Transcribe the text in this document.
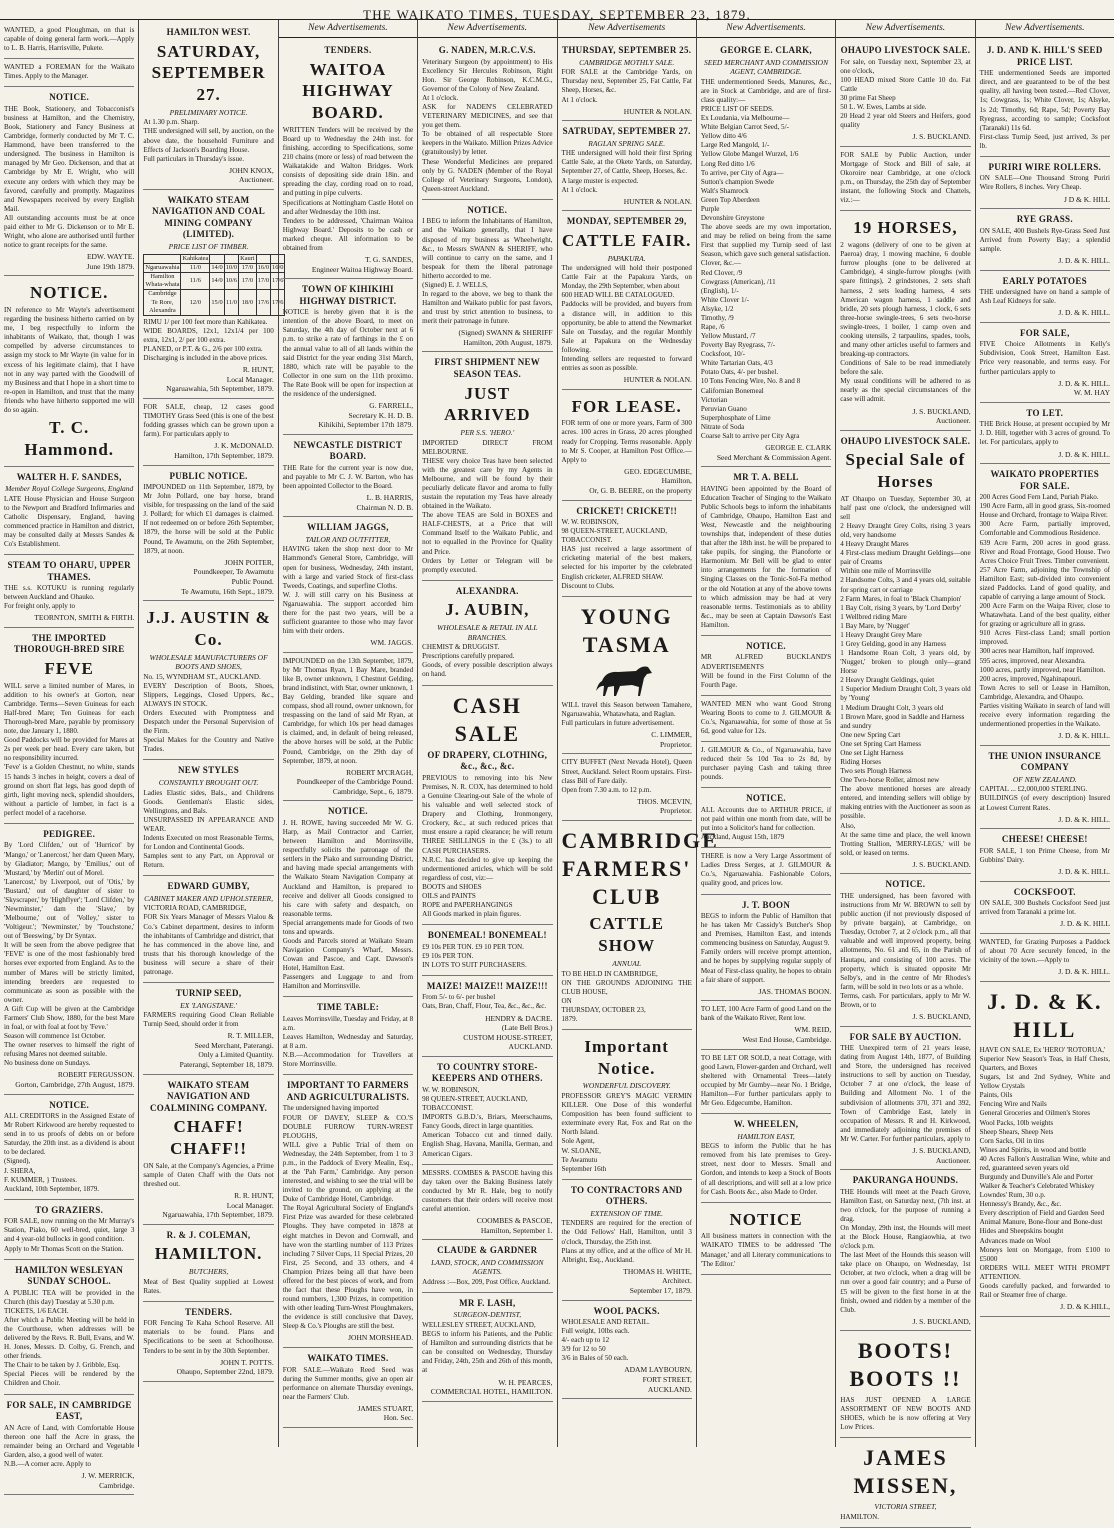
THE WAIKATO TIMES, TUESDAY, SEPTEMBER 23, 1879.

WANTED, a good Ploughman, on that is capable of doing general farm work.—Apply to L. B. Harris, Harrisville, Pukete.

WANTED a FOREMAN for the Waikato Times. Apply to the Manager.

NOTICE.

THE Book, Stationery, and Tobacconist's business at Hamilton, and the Chemistry, Book, Stationery and Fancy Business at Cambridge, formerly conducted by Mr T. C. Hammond, have been transferred to the undersigned. The business in Hamilton is managed by Mr Geo. Dickenson, and that at Cambridge by Mr E. Wright, who will execute any orders with which they may be favored, carefully and promptly. Magazines and Newspapers received by every English Mail.
All outstanding accounts must be at once paid either to Mr G. Dickenson or to Mr E. Wright, who alone are authorised until further notice to grant receipts for the same.

EDW. WAYTE.
June 19th 1879.
NOTICE.

IN reference to Mr Wayte's advertisement regarding the business hitherto carried on by me, I beg respectfully to inform the inhabitants of Waikato, that, though I was compelled by adverse circumstances to assign my stock to Mr Wayte (in value for in excess of his legitimate claim), that I have not in any way parted with the Goodwill of my Business and that I hope in a short time to re-open in Hamilton, and trust that the many friends who have hitherto supported me will do so again.

T. C. Hammond.
WALTER H. F. SANDES,
Member Royal College Surgeons, England

LATE House Physician and House Surgeon to the Newport and Bradford Infirmaries and Catholic Dispensary, England, having commenced practice in Hamilton and district, may be consulted daily at Messrs Sandes & Co's Establishment.

STEAM TO OHARU, UPPER THAMES.

THE s.s. KOTUKU is running regularly between Auckland and Ohauko.
For freight only, apply to

TEORNTON, SMITH & FIRTH.
THE IMPORTED THOROUGH-BRED SIRE
FEVE

WILL serve a limited number of Mares, in addition to his owner's at Gorton, near Cambridge. Terms—Seven Guineas for each Half-bred Mare; Ten Guineas for each Thorough-bred Mare, payable by promissory note, due January 1, 1880.
Good Paddocks will be provided for Mares at 2s per week per head. Every care taken, but no responsibility incurred.
'Feve' is a Golden Chestnut, no white, stands 15 hands 3 inches in height, covers a deal of ground on short flat legs, has good depth of girth, light moving neck, splendid shoulders, without a particle of lumber, in fact is a perfect model of a racehorse.

PEDIGREE.

By 'Lord Clifden,' out of 'Hurricot' by 'Mango,' or 'Lanercost,' her dam Queen Mary, by Gladiator; Mango, by 'Emilius,' out of 'Mustard,' by 'Merlin' out of Morel.
'Lanercost,' by Liverpool, out of 'Otis,' by 'Bustard,' out of daughter of sister to 'Skyscraper,' by 'Highflyer'; 'Lord Clifden,' by 'Newminster,' dam the 'Slave,' by 'Melbourne,' out of 'Volley,' sister to 'Voltigeur.'; 'Newminster,' by 'Touchstone,' out of 'Beeswing,' by Dr Syntax.
It will be seen from the above pedigree that 'FEVE' is one of the most fashionably bred horses ever exported from England. As to the number of Mares will be strictly limited, intending breeders are requested to communicate as soon as possible with the owner.
A Gift Cup will be given at the Cambridge Farmers' Club Show, 1880, for the best Mare in foal, or with foal at foot by 'Feve.'
Season will commence 1st October.
The owner reserves to himself the right of refusing Mares not deemed suitable.
No business done on Sundays.

ROBERT FERGUSSON.
Gorton, Cambridge, 27th August, 1879.
NOTICE.

ALL CREDITORS in the Assigned Estate of Mr Robert Kirkwood are hereby requested to send in to us proofs of debts on or before Saturday, the 20th inst. as a dividend is about to be declared.
(Signed),
J. SHERA,
F. KUMMER, } Trustees.
Auckland, 10th September, 1879.

TO GRAZIERS.

FOR SALE, now running on the Mr Murray's Station, Piako, 60 well-bred, quiet, large 3 and 4 year-old bullocks in good condition.
Apply to Mr Thomas Scott on the Station.

HAMILTON WESLEYAN SUNDAY SCHOOL.

A PUBLIC TEA will be provided in the Church (this day) Tuesday at 5.30 p.m.
TICKETS, 1/6 EACH.
After which a Public Meeting will be held in the Courthouse, when addresses will be delivered by the Revs. R. Bull, Evans, and W. H. Jones, Messrs. D. Colby, G. French, and other friends.
The Chair to be taken by J. Gribble, Esq.
Special Pieces will be rendered by the Children and Choir.

FOR SALE, IN CAMBRIDGE EAST,

AN Acre of Land, with Comfortable House thereon one half the Acre in grass, the remainder being an Orchard and Vegetable Garden, also, a good well of water.
N.B.—A corner acre. Apply to

J. W. MERRICK,
Cambridge.
HAMILTON WEST.
SATURDAY, SEPTEMBER 27.
PRELIMINARY NOTICE.

At 1.30 p.m. Sharp.
THE undersigned will sell, by auction, on the above date, the household Furniture and Effects of Jackson's Boarding House.
Full particulars in Thursday's issue.

JOHN KNOX,
Auctioneer.
WAIKATO STEAM NAVIGATION AND COAL MINING COMPANY (LIMITED).
PRICE LIST OF TIMBER.
	Kahikatea			Kauri		
Ngaruawahia	11/0	14/0	10/0	17/0	16/0	16/0
Hamilton Whata-whata	11/6	14/0	10/6	17/0	17/0	17/6
Cambridge Te Rore, Alexandra	12/0	15/0	11/0	18/0	17/6	17/6

RIMU 1/ per 100 feet more than Kahikatea.
WIDE BOARDS, 12x1, 12x1/4 per 100 extra, 12x1, 2/ per 100 extra.
PLANED, or P.T. & G., 2/6 per 100 extra.
Discharging is included in the above prices.

R. HUNT,
Local Manager.
Ngaruawahia, 5th September, 1879.

FOR SALE, cheap, 12 cases good TIMOTHY Grass Seed (this is one of the best fodding grasses which can be grown upon a farm). For particulars apply to

J. K. McDONALD.
Hamilton, 17th September, 1879.
PUBLIC NOTICE.

IMPOUNDED on 11th September, 1879, by Mr John Pollard, one bay horse, brand visible, for trespassing on the land of the said J. Pollard; for which £1 damages is claimed. If not redeemed on or before 26th September, 1879, the horse will be sold at the Public Pound, Te Awamutu, on the 26th September, 1879, at noon.

JOHN POITER,
Poundkeeper, Te Awamutu
Public Pound.
Te Awamutu, 16th Sept., 1879.
J.J. AUSTIN & Co.
WHOLESALE MANUFACTURERS OF BOOTS AND SHOES,

No. 15, WYNDHAM ST., AUCKLAND.
EVERY Description of Boots, Shoes, Slippers, Leggings, Closed Uppers, &c., ALWAYS IN STOCK.
Orders Executed with Promptness and Despatch under the Personal Supervision of the Firm.
Special Makes for the Country and Native Trades.

NEW STYLES
CONSTANTLY BROUGHT OUT.

Ladies Elastic sides, Bals., and Childrens Goods. Gentleman's Elastic sides, Wellingtons, and Bals.
UNSURPASSED IN APPEARANCE AND WEAR.
Indents Executed on most Reasonable Terms, for London and Continental Goods.
Samples sent to any Part, on Approval or Return.

EDWARD GUMBY,
CABINET MAKER AND UPHOLSTERER,

VICTORIA ROAD, CAMBRIDGE,
FOR Six Years Manager of Messrs Vialou & Co.'s Cabinet department, desires to inform the inhabitants of Cambridge and district, that he has commenced in the above line, and trusts that his thorough knowledge of the business will secure a share of their patronage.

TURNIP SEED,
EX 'LANGSTANE.'

FARMERS requiring Good Clean Reliable Turnip Seed, should order it from

R. T. MILLER,
Seed Merchant, Paterangi.
Only a Limited Quantity.
Paterangi, September 18, 1879.
WAIKATO STEAM NAVIGATION AND COALMINING COMPANY.
CHAFF! CHAFF!!

ON Sale, at the Company's Agencies, a Prime sample of Oaten Chaff with the Oats not threshed out.

R. R. HUNT,
Local Manager.
Ngaruawahia, 17th September, 1879.
R. & J. COLEMAN,
HAMILTON.
BUTCHERS,

Meat of Best Quality supplied at Lowest Rates.

TENDERS.

FOR Fencing Te Kaha School Reserve. All materials to be found. Plans and Specifications to be seen at Schoolhouse. Tenders to be sent in by the 30th September.

JOHN T. POTTS.
Ohaupo, September 22nd, 1879.
New Advertisements.
TENDERS.
WAITOA HIGHWAY BOARD.

WRITTEN Tenders will be received by the Board up to Wednesday the 24th inst. for finishing, according to Specifications, some 210 chains (more or less) of road between the Waikatakide and Walton Bridges. Work consists of depositing side drain 18in. and spreading the clay, cording road on to road, and putting in pipe culverts.
Specifications at Nottingham Castle Hotel on and after Wednesday the 10th inst.
Tenders to be addressed, 'Chairman Waitoa Highway Board.' Deposits to be cash or marked cheque. All information to be obtained from

T. G. SANDES,
Engineer Waitoa Highway Board.
TOWN OF KIHIKIHI HIGHWAY DISTRICT.

NOTICE is hereby given that it is the intention of the above Board, to meet on Saturday, the 4th day of October next at 6 p.m. to strike a rate of farthings in the £ on the annual value to all of all lands within the said District for the year ending 31st March, 1880, which rate will be payable to the Collector in one sum on the 11th proximo. The Rate Book will be open for inspection at the residence of the undersigned.

G. FARRELL,
Secretary K. H. D. B.
Kihikihi, September 17th 1879.
NEWCASTLE DISTRICT BOARD.

THE Rate for the current year is now due, and payable to Mr C. J. W. Barton, who has been appointed Collector to the Board.

L. B. HARRIS,
Chairman N. D. B.
WILLIAM JAGGS,
TAILOR AND OUTFITTER,

HAVING taken the shop next door to Mr Hammond's General Store, Cambridge, will open for business, Wednesday, 24th instant, with a large and varied Stock of first-class Tweeds, Coatings, and superfine Cloths.
W. J. will still carry on his Business at Ngaruawahia. The support accorded him there for the past two years, will be a sufficient guarantee to those who may favor him with their orders.

WM. JAGGS.

IMPOUNDED on the 13th September, 1879, by Mr Thomas Ryan, 1 Bay Mare, branded like B, owner unknown, 1 Chestnut Gelding, brand indistinct, with Star, owner unknown, 1 Bay Gelding, branded like square and compass, shod all round, owner unknown, for trespassing on the land of said Mr Ryan, at Cambridge, for which 10s per head damages is claimed, and, in default of being released, the above horses will be sold, at the Public Pound, Cambridge, on the 29th day of September, 1879, at noon.

ROBERT M'CRAGH,
Poundkeeper of the Cambridge Pound.
Cambridge, Sept., 6, 1879.
NOTICE.

J. H. ROWE, having succeeded Mr W. G. Harp, as Mail Contractor and Carrier, between Hamilton and Morrinsville, respectfully solicits the patronage of the settlers in the Piako and surrounding District, and having made special arrangements with the Waikato Steam Navigation Company at Auckland and Hamilton, is prepared to receive and deliver all Goods consigned to his care with safety and despatch, on reasonable terms.
Special arrangements made for Goods of two tons and upwards.
Goods and Parcels stored at Waikato Steam Navigation Company's Wharf, Messrs. Cowan and Pascoe, and Capt. Dawson's Hotel, Hamilton East.
Passengers and Luggage to and from Hamilton and Morrinsville.

TIME TABLE:

Leaves Morrinsville, Tuesday and Friday, at 8 a.m.
Leaves Hamilton, Wednesday and Saturday, at 8 a.m.
N.B.—Accommodation for Travellers at Store Morrinsville.

IMPORTANT TO FARMERS AND AGRICULTURALISTS.

The undersigned having imported
FOUR OF DAVEY, SLEEP & CO.'S DOUBLE FURROW TURN-WREST PLOUGHS,
WILL give a Public Trial of them on Wednesday, the 24th September, from 1 to 3 p.m., in the Paddock of Every Mealin, Esq., at the 'Pah Farm,' Cambridge. Any person interested, and wishing to see the trial will be invited to the ground, on applying at the Duke of Cambridge Hotel, Cambridge.
The Royal Agricultural Society of England's First Prize was awarded for these celebrated Ploughs. They have competed in 1878 at eight matches in Devon and Cornwall, and have won the startling number of 113 Prizes including 7 Silver Cups, 11 Special Prizes, 20 First, 25 Second, and 33 others, and 4 Champion Prizes being all that have been offered for the best pieces of work, and from the fact that these Ploughs have won, in round numbers, 1,300 Prizes, in competition with other leading Turn-Wrest Ploughmakers, the evidence is still conclusive that Davey, Sleep & Co.'s Ploughs are still the best.

JOHN MORSHEAD.
WAIKATO TIMES.

FOR SALE.—Waikato Reed Seed was during the Summer months, give an open air performance on alternate Thursday evenings, near the Farmers' Club.

JAMES STUART,
Hon. Sec.
New Advertisements.
G. NADEN, M.R.C.V.S.

Veterinary Surgeon (by appointment) to His Excellency Sir Hercules Robinson, Right Hon. Sir George Robinson, K.C.M.G., Governor of the Colony of New Zealand.
At 1 o'clock.
ASK for NADEN'S CELEBRATED VETERINARY MEDICINES, and see that you get them.
To be obtained of all respectable Store keepers in the Waikato. Million Prizes Advice (gratuitously) by letter.
These Wonderful Medicines are prepared only by G. NADEN (Member of the Royal College of Veterinary Surgeons, London), Queen-street Auckland.

NOTICE.

I BEG to inform the Inhabitants of Hamilton, and the Waikato generally, that I have disposed of my business as Wheelwright, &c., to Messrs SWANN & SHERIFF, who will continue to carry on the same, and I bespeak for them the liberal patronage hitherto accorded to me.
(Signed) E. J. WELLS,
In regard to the above, we beg to thank the Hamilton and Waikato public for past favors, and trust by strict attention to business, to merit their patronage in future.

(Signed) SWANN & SHERIFF
Hamilton, 20th August, 1879.
FIRST SHIPMENT NEW SEASON TEAS.
JUST ARRIVED
PER S.S. 'HERO.'

IMPORTED DIRECT FROM MELBOURNE.
THESE very choice Teas have been selected with the greatest care by my Agents in Melbourne, and will be found by their peculiarly delicate flavor and aroma to fully sustain the reputation my Teas have already obtained in the Waikato.
The above TEAS are Sold in BOXES and HALF-CHESTS, at a Price that will Command Itself to the Waikato Public, and not to equalled in the Province for Quality and Price.
Orders by Letter or Telegram will be promptly executed.

ALEXANDRA.
J. AUBIN,
WHOLESALE & RETAIL IN ALL BRANCHES.

CHEMIST & DRUGGIST.
Prescriptions carefully prepared.
Goods, of every possible description always on hand.

CASH SALE
OF DRAPERY, CLOTHING, &c., &c., &c.

PREVIOUS to removing into his New Premises, N. R. COX, has determined to hold a Genuine Clearing-out Sale of the whole of his valuable and well selected stock of Drapery and Clothing, Ironmongery, Crockery, &c., at such reduced prices that must ensure a rapid clearance; he will return THREE SHILLINGS in the £ (3s.) to all CASH PURCHASERS.
N.R.C. has decided to give up keeping the undermentioned articles, which will be sold regardless of cost, viz:—
BOOTS and SHOES
OILS and PAINTS
ROPE and PAPERHANGINGS
All Goods marked in plain figures.

BONEMEAL! BONEMEAL!

£9 10s PER TON. £9 10 PER TON.
£9 10s PER TON.
IN LOTS TO SUIT PURCHASERS.

MAIZE! MAIZE!! MAIZE!!!

From 5/- to 6/- per bushel
Oats, Bran, Chaff, Flour, Tea, &c., &c., &c.

HENDRY & DACRE.
(Late Bell Bros.)
CUSTOM HOUSE-STREET, AUCKLAND.
TO COUNTRY STORE-KEEPERS AND OTHERS.

W. W. ROBINSON,
98 QUEEN-STREET, AUCKLAND,
TOBACCONIST.
IMPORTS G.B.D.'s, Briars, Meerschaums, Fancy Goods, direct in large quantities.
American Tobacco cut and tinned daily. English Shag, Havana, Manilla, German, and American Cigars.

MESSRS. COMBES & PASCOE having this day taken over the Baking Business lately conducted by Mr R. Hale, beg to notify customers that their orders will receive most careful attention.

COOMBES & PASCOE,
Hamilton, September 1.
CLAUDE & GARDNER
LAND, STOCK, AND COMMISSION AGENTS.

Address :—Box, 209, Post Office, Auckland.

MR F. LASH,
SURGEON-DENTIST,

WELLESLEY STREET, AUCKLAND,
BEGS to inform his Patients, and the Public of Hamilton and surrounding districts that he can be consulted on Wednesday, Thursday and Friday, 24th, 25th and 26th of this month, at

W. H. PEARCES,
COMMERCIAL HOTEL, HAMILTON.
New Advertisements
THURSDAY, SEPTEMBER 25.
CAMBRIDGE MOTHLY SALE.

FOR SALE at the Cambridge Yards, on Thursday next, September 25, Fat Cattle, Fat Sheep, Horses, &c.
At 1 o'clock.

HUNTER & NOLAN.
SATRUDAY, SEPTEMBER 27.
RAGLAN SPRING SALE.

THE undersigned will hold their first Spring Cattle Sale, at the Okete Yards, on Saturday, September 27, of Cattle, Sheep, Horses, &c.
A large muster is expected.
At 1 o'clock.

HUNTER & NOLAN.
MONDAY, SEPTEMBER 29,
CATTLE FAIR.
PAPAKURA.

The undersigned will hold their postponed Cattle Fair at the Papakura Yards, on Monday, the 29th September, when about
600 HEAD WILL BE CATALOGUED.
Paddocks will be provided, and buyers from a distance will, in addition to this opportunity, be able to attend the Newmarket Sale on Tuesday, and the regular Monthly Sale at Papakura on the Wednesday following.
Intending sellers are requested to forward entries as soon as possible.

HUNTER & NOLAN.
FOR LEASE.

FOR term of one or more years, Farm of 300 acres. 100 acres in Grass, 20 acres ploughed ready for Cropping. Terms reasonable. Apply to Mr S. Cooper, at Hamilton Post Office.—Apply to

GEO. EDGECUMBE,
Hamilton,
Or, G. B. BEERE, on the property
CRICKET! CRICKET!!

W. W. ROBINSON,
98 QUEEN-STREET, AUCKLAND,
TOBACCONIST.
HAS just received a large assortment of cricketing material of the best makers, selected for his importer by the celebrated English cricketer, ALFRED SHAW.
Discount to Clubs.

YOUNG TASMA

WILL travel this Season between Tamahere, Ngaruawahia, Whatawhata, and Raglan.
Full particulars in future advertisement.

C. LIMMER,
Proprietor.

CITY BUFFET (Next Nevada Hotel), Queen Street, Auckland. Select Room upstairs. First-class Bill of Fare daily.
Open from 7.30 a.m. to 12 p.m.

THOS. MCEVIN,
Proprietor.
CAMBRIDGE FARMERS' CLUB
CATTLE SHOW
ANNUAL

TO BE HELD IN CAMBRIDGE,
ON THE GROUNDS ADJOINING THE CLUB HOUSE,
ON
THURSDAY, OCTOBER 23,
1879.

Important Notice.
WONDERFUL DISCOVERY.

PROFESSOR GREY'S MAGIC VERMIN KILLER. One Dose of this wonderful Composition has been found sufficient to exterminate every Rat, Fox and Rat on the North Island.
Sole Agent,
W. SLOANE,
Te Awamutu
September 16th

TO CONTRACTORS AND OTHERS.
EXTENSION OF TIME.

TENDERS are required for the erection of the Odd Fellows' Hall, Hamilton, until 3 o'clock, Thursday, the 25th inst.
Plans at my office, and at the office of Mr H. Albright, Esq., Auckland.

THOMAS H. WHITE,
Architect.
September 17, 1879.
WOOL PACKS.

WHOLESALE AND RETAIL.
Full weight, 10lbs each.
4/- each up to 12
3/9 for 12 to 50
3/6 in Bales of 50 each.

ADAM LAYBOURN,
FORT STREET,
AUCKLAND.
New Advertisements.
GEORGE E. CLARK,
SEED MERCHANT AND COMMISSION AGENT, CAMBRIDGE.

THE undermentioned Seeds, Manures, &c., are in Stock at Cambridge, and are of first-class quality:—
PRICE LIST OF SEEDS.
Ex Loudania, via Melbourne—
White Belgian Carrot Seed, 5/-
Yellow ditto 4/6
Large Red Mangold, 1/-
Yellow Globe Mangel Wurzel, 1/6
Long Red ditto 1/6
To arrive, per City of Agra—
Sutton's champion Swede
Walt's Shamrock
Green Top Aberdeen
Purple
Devonshire Greystone
The above seeds are my own importation, and may be relied on being from the same First that supplied my Turnip seed of last Season, which gave such general satisfaction.
Clover, &c.—
Red Clover, /9
Cowgrass (American), /11
(English), 1/-
White Clover 1/-
Alsyke, 1/2
Timothy, /9
Rape, /6
Yellow Mustard, /7
Poverty Bay Ryegrass, 7/-
Cocksfoot, 10/-
White Tartarian Oats, 4/3
Potato Oats, 4/- per bushel.
10 Tons Fencing Wire, No. 8 and 8
Californian Bonemeal
Victorian
Peruvian Guano
Superphosphate of Lime
Nitrate of Soda
Coarse Salt to arrive per City Agra

GEORGE E. CLARK
Seed Merchant & Commission Agent.
MR T. A. BELL

HAVING been appointed by the Board of Education Teacher of Singing to the Waikato Public Schools begs to inform the inhabitants of Cambridge, Ohaupo, Hamilton East and West, Newcastle and the neighbouring townships that, independent of these duties that after the 18th inst. he will be prepared to take pupils, for singing, the Pianoforte or Harmonium. Mr Bell will be glad to enter into arrangements for the formation of Singing Classes on the Tonic-Sol-Fa method or the old Notation at any of the above towns to which admission may be had at very reasonable terms. Testimonials as to ability &c., may be seen at Captain Dawson's East Hamilton.

NOTICE.

MR ALFRED BUCKLAND'S ADVERTISEMENTS
Will be found in the First Column of the Fourth Page.

WANTED MEN who want Good Strong Wearing Boots to come to J. GILMOUR & Co.'s, Ngaruawahia, for some of those at 5s 6d, good value for 12s.

J. GILMOUR & Co., of Ngaruawahia, have reduced their 5s 10d Tea to 2s 8d, by purchaser paying Cash and taking three pounds.

NOTICE.

ALL Accounts due to ARTHUR PRICE, if not paid within one month from date, will be put into a Solicitor's hand for collection.
Auckland, August 15th, 1879

THERE is now a Very Large Assortment of Ladies Dress Serges, at J. GILMOUR & Co.'s, Ngaruawahia. Fashionable Colors, quality good, and prices low.

J. T. BOON

BEGS to inform the Public of Hamilton that he has taken Mr Cassidy's Butcher's Shop and Premises, Hamilton East, and intends commencing business on Saturday, August 9.
Family orders will receive prompt attention, and he hopes by supplying regular supply of Meat of First-class quality, he hopes to obtain a fair share of support.

JAS. THOMAS BOON.

TO LET, 100 Acre Farm of good Land on the bank of the Waikato River, Rent low.

WM. REID,
West End House, Cambridge.

TO BE LET OR SOLD, a neat Cottage, with good Lawn, Flower-garden and Orchard, well sheltered with Ornamental Trees—lately occupied by Mr Gumby—near No. 1 Bridge, Hamilton—For further particulars apply to Mr Geo. Edgecumbe, Hamilton.

W. WHEELEN,
HAMILTON EAST,

BEGS to inform the Public that he has removed from his late premises to Grey-street, next door to Messrs. Small and Gordon, and intends to keep a Stock of Boots of all descriptions, and will sell at a low price for Cash. Boots &c., also Made to Order.

NOTICE

All business matters in connection with the WAIKATO TIMES to be addressed 'The Manager,' and all Literary communications to 'The Editor.'

New Advertisements.
OHAUPO LIVESTOCK SALE.

For sale, on Tuesday next, September 23, at one o'clock,
100 HEAD mixed Store Cattle 10 do. Fat Cattle
30 prime Fat Sheep
50 L. W. Ewes, Lambs at side.
20 Head 2 year old Steers and Heifers, good quality

J. S. BUCKLAND.

FOR SALE by Public Auction, under Mortgage of Stock and Bill of sale, at Okoroire near Cambridge, at one o'clock p.m., on Thursday, the 25th day of September instant, the following Stock and Chattels, viz.:—

19 HORSES,

2 wagons (delivery of one to be given at Paeroa) dray, 1 mowing machine, 6 double furrow ploughs (one to be delivered at Cambridge), 4 single-furrow ploughs (with spare fittings), 2 grindstones, 2 sets shaft harness, 2 sets leading harness, 4 sets American wagon harness, 1 saddle and bridle, 20 sets plough harness, 1 clock, 6 sets three-horse swingle-trees, 6 sets two-horse swingle-trees, 1 boiler, 1 camp oven and cooking utensils, 2 tarpaulins, spades, tools, and many other articles useful to farmers and breaking-up contractors.
Conditions of Sale to be read immediately before the sale.
My usual conditions will be adhered to as nearly as the special circumstances of the case will admit.

J. S. BUCKLAND,
Auctioneer.
OHAUPO LIVESTOCK SALE.
Special Sale of Horses

AT Ohaupo on Tuesday, September 30, at half past one o'clock, the undersigned will sell
2 Heavy Draught Grey Colts, rising 3 years old, very handsome
4 Heavy Draught Mares
4 First-class medium Draught Geldings—one pair of Creams
Within one mile of Morrinsville
2 Handsome Colts, 3 and 4 years old, suitable for spring cart or carriage
2 Farm Mares, in foal to 'Black Champion'
1 Bay Colt, rising 3 years, by 'Lord Derby'
1 Wellbred riding Mare
1 Bay Mare, by 'Nugget'
1 Heavy Draught Grey Mare
1 Grey Gelding, good in any Harness
1 Handsome Roan Colt, 3 years old, by 'Nugget,' broken to plough only—grand Horse
2 Heavy Draught Geldings, quiet
1 Superior Medium Draught Colt, 3 years old by 'Young'
1 Medium Draught Colt, 3 years old
1 Brown Mare, good in Saddle and Harness
and sundry
One new Spring Cart
One set Spring Cart Harness
One set Light Harness
Riding Horses
Two sets Plough Harness
One Two-horse Roller, almost new
The above mentioned horses are already entered, and intending sellers will oblige by making entries with the Auctioneer as soon as possible.
Also,
At the same time and place, the well known Trotting Stallion, 'MERRY-LEGS,' will be sold, or leased on terms.

J. S. BUCKLAND.
NOTICE.

THE undersigned, has been favored with instructions from Mr W. BROWN to sell by public auction (if not previously disposed of by private bargain), at Cambridge, on Tuesday, October 7, at 2 o'clock p.m., all that valuable and well improved property, being allotments, No. 61 and 65, in the Parish of Hautapu, and consisting of 100 acres. The property, which is situated opposite Mr Selby's, and in the centre of Mr Rhodes's farm, will be sold in two lots or as a whole.
Terms, cash. For particulars, apply to Mr W. Brown, or to

J. S. BUCKLAND,
FOR SALE BY AUCTION.

THE Unexpired term of 21 years lease, dating from August 14th, 1877, of Building and Store, the undersigned has received instructions to sell by auction on Tuesday, October 7 at one o'clock, the lease of Building and Allotment No. 1 of the subdivision of allotments 370, 371 and 392, Town of Cambridge East, lately in occupation of Messrs. R and H. Kirkwood, and immediately adjoining the premises of Mr W. Carter. For further particulars, apply to

J. S. BUCKLAND,
Auctioneer.
PAKURANGA HOUNDS.

THE Hounds will meet at the Peach Grove, Hamilton East, on Saturday next, (7th inst. at two o'clock, for the purpose of running a drag.
On Monday, 29th inst, the Hounds will meet at the Block House, Rangiaowhia, at two o'clock p.m.
The last Meet of the Hounds this season will take place on Ohaupo, on Wednesday, 1st October, at two o'clock, when a drag will be run over a good fair country; and a Purse of £5 will be given to the first horse in at the finish, owned and ridden by a member of the Club.

J. S. BUCKLAND,
BOOTS! BOOTS !!

HAS JUST OPENED A LARGE ASSORTMENT OF NEW BOOTS AND SHOES, which he is now offering at Very Low Prices.

JAMES MISSEN,
VICTORIA STREET,

HAMILTON.

New Advertisements.
J. D. AND K. HILL'S SEED PRICE LIST.

THE undermentioned Seeds are imported direct, and are guaranteed to be of the best quality, all having been tested.—Red Clover, 1s; Cowgrass, 1s; White Clover, 1s; Alsyke, 1s 2d; Timothy, 6d; Rape, 5d; Poverty Bay Ryegrass, according to sample; Cocksfoot (Taranaki) 11s 6d.
First-class Turnip Seed, just arrived, 3s per lb.

PURIRI WIRE ROLLERS.

ON SALE—One Thousand Strong Puriri Wire Rollers, 8 inches. Very Cheap.

J D & K. HILL
RYE GRASS.

ON SALE, 400 Bushels Rye-Grass Seed Just Arrived from Poverty Bay; a splendid sample.

J. D. & K. HILL.
EARLY POTATOES

THE undersigned have on hand a sample of Ash Leaf Kidneys for sale.

J. D. & K. HILL.
FOR SALE,

FIVE Choice Allotments in Kelly's Subdivision, Cook Street, Hamilton East. Price very reasonable, and terms easy. For further particulars apply to

J. D. & K. HILL.
W. M. HAY
TO LET.

THE Brick House, at present occupied by Mr J. D. Hill, together with 3 acres of ground. To let. For particulars, apply to

J. D. & K. HILL.
WAIKATO PROPERTIES FOR SALE.

200 Acres Good Fern Land, Puriah Piako.
190 Acre Farm, all in good grass, Six-roomed House and Orchard, frontage to Waipa River.
300 Acre Farm, partially improved, Comfortable and Commodious Residence.
639 Acre Farm, 200 acres in good grass. River and Road Frontage, Good House. Two Acres Choice Fruit Trees. Timber convenient.
257 Acre Farm, adjoining the Township of Hamilton East; sub-divided into convenient sized Paddocks. Land of good quality, and capable of carrying a large amount of Stock.
200 Acre Farm on the Waipa River, close to Whatawhata. Land of the best quality, either for grazing or agriculture all in grass.
910 Acres First-class Land; small portion improved.
300 acres near Hamilton, half improved.
595 acres, improved, near Alexandra.
1000 acres, partly improved, near Hamilton.
200 acres, improved, Ngahinapouri.
Town Acres to sell or Lease in Hamilton, Cambridge, Alexandra, and Ohaupo.
Parties visiting Waikato in search of land will receive every information regarding the undermentioned properties in the Waikato.

J. D. & K. HILL.
THE UNION INSURANCE COMPANY
OF NEW ZEALAND.

CAPITAL ... £2,000,000 STERLING.
BUILDINGS (of every description) Insured at Lowest Current Rates.

J. D. & K. HILL.
CHEESE! CHEESE!

FOR SALE, 1 ton Prime Cheese, from Mr Gubbins' Dairy.

J. D. & K. HILL.
COCKSFOOT.

ON SALE, 300 Bushels Cocksfoot Seed just arrived from Taranaki a prime lot.

J. D. & K. HILL

WANTED, for Grazing Purposes a Paddock of about 70 Acre securely fenced, in the vicinity of the town.—Apply to

J. D. & K. HILL.
J. D. & K. HILL

HAVE ON SALE, Ex 'HERO' 'ROTORUA,'
Superior New Season's Teas, in Half Chests, Quarters, and Boxes
Sugars, 1st and 2nd Sydney, White and Yellow Crystals
Paints, Oils
Fencing Wire and Nails
General Groceries and Oilmen's Stores
Wool Packs, 10lb weights
Sheep Shears, Sheep Nets
Corn Sacks, Oil in tins
Wines and Spirits, in wood and bottle
40 Acres Fallon's Australian Wine, white and red, guaranteed seven years old
Burgundy and Dunville's Ale and Porter
Walker & Teacher's Celebrated Whiskey
Lowndes' Rum, 30 o.p.
Hennessy's Brandy, &c., &c.
Every description of Field and Garden Seed
Animal Manure, Bone-flour and Bone-dust
Hides and Sheepskins bought
Advances made on Wool
Moneys lent on Mortgage, from £100 to £5000
ORDERS WILL MEET WITH PROMPT ATTENTION.
Goods carefully packed, and forwarded to Rail or Steamer free of charge.

J. D. & K.HILL,
